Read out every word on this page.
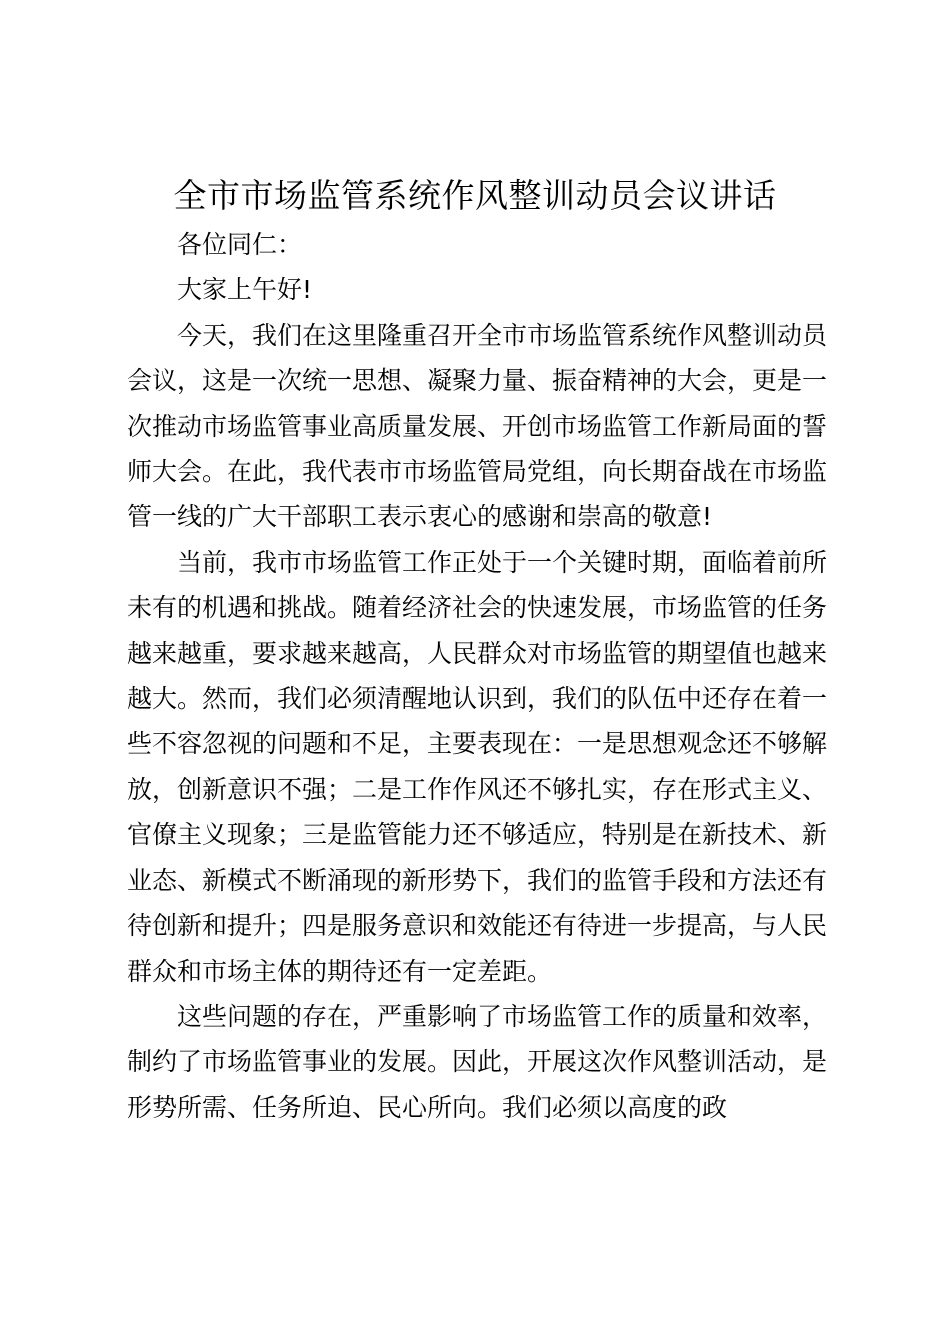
全市市场监管系统作风整训动员会议讲话

各位同仁：

大家上午好!

今天，我们在这里隆重召开全市市场监管系统作风整训动员会议，这是一次统一思想、凝聚力量、振奋精神的大会，更是一次推动市场监管事业高质量发展、开创市场监管工作新局面的誓师大会。在此，我代表市市场监管局党组，向长期奋战在市场监管一线的广大干部职工表示衷心的感谢和崇高的敬意!

当前，我市市场监管工作正处于一个关键时期，面临着前所未有的机遇和挑战。随着经济社会的快速发展，市场监管的任务越来越重，要求越来越高，人民群众对市场监管的期望值也越来越大。然而，我们必须清醒地认识到，我们的队伍中还存在着一些不容忽视的问题和不足，主要表现在：一是思想观念还不够解放，创新意识不强；二是工作作风还不够扎实，存在形式主义、官僚主义现象；三是监管能力还不够适应，特别是在新技术、新业态、新模式不断涌现的新形势下，我们的监管手段和方法还有待创新和提升；四是服务意识和效能还有待进一步提高，与人民群众和市场主体的期待还有一定差距。

这些问题的存在，严重影响了市场监管工作的质量和效率，制约了市场监管事业的发展。因此，开展这次作风整训活动，是形势所需、任务所迫、民心所向。我们必须以高度的政
